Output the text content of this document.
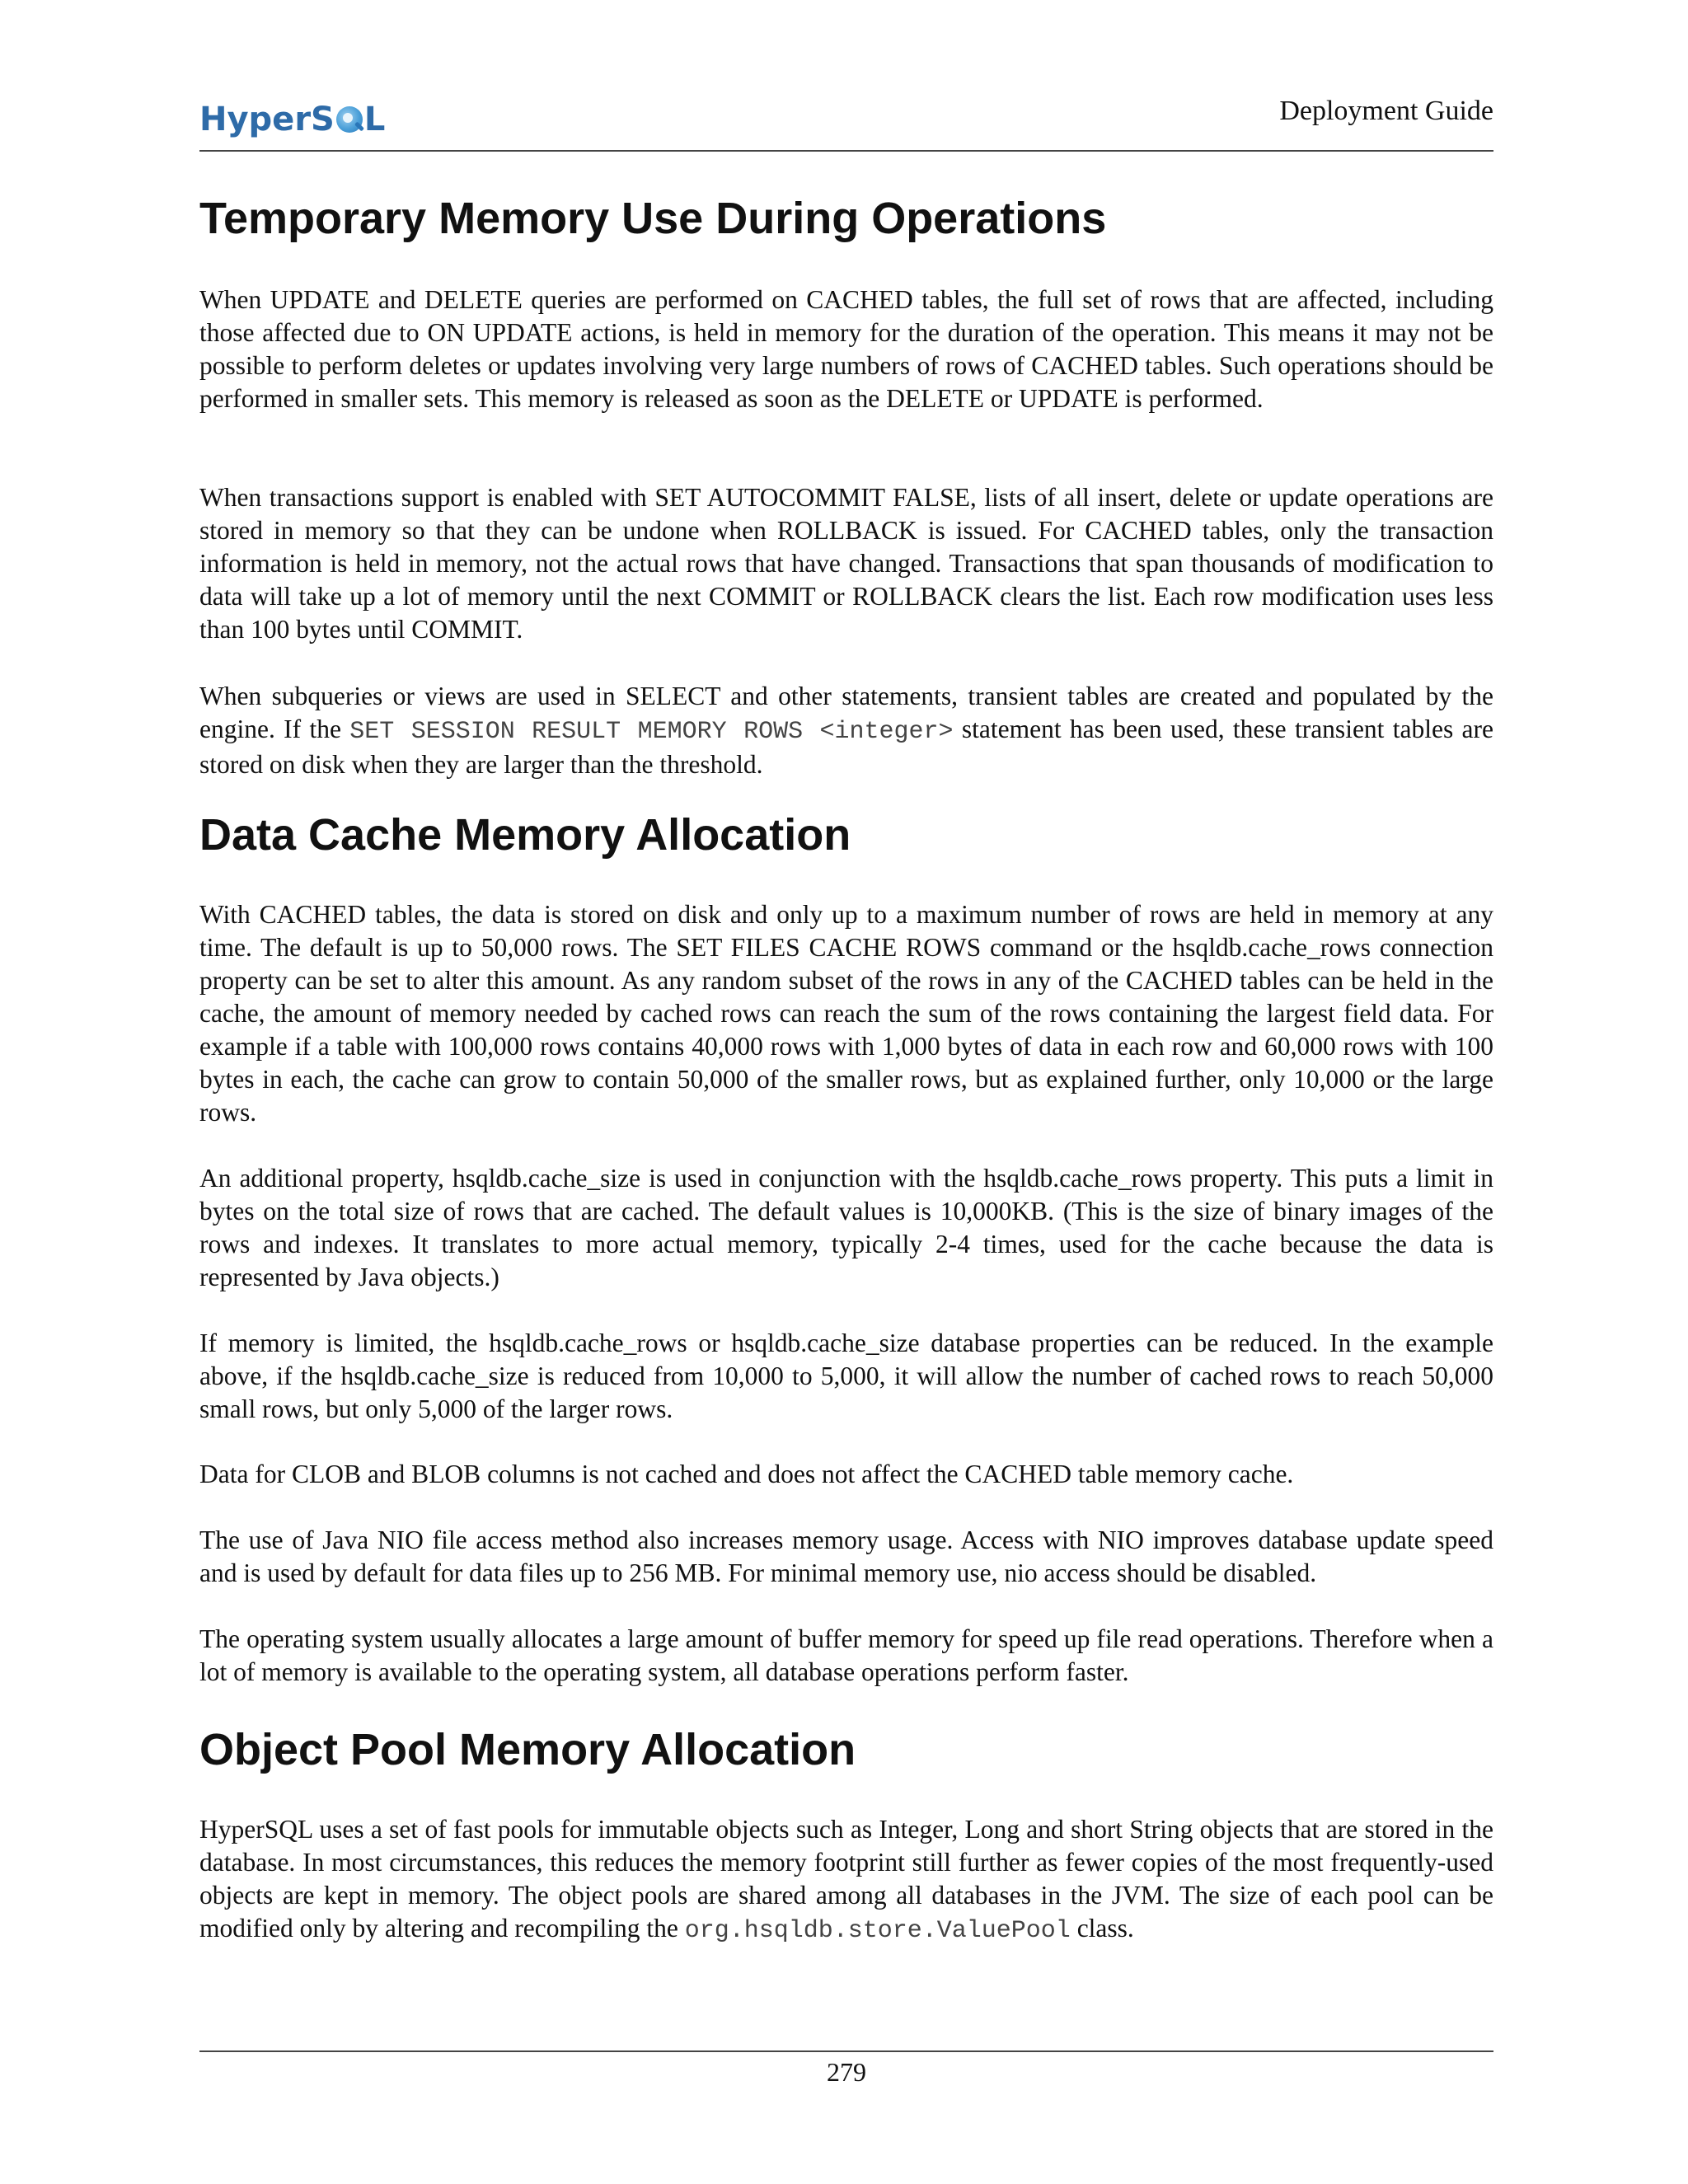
HyperS L	Deployment Guide
Temporary Memory Use During Operations

When UPDATE and DELETE queries are performed on CACHED tables, the full set of rows that are affected, including those affected due to ON UPDATE actions, is held in memory for the duration of the operation. This means it may not be possible to perform deletes or updates involving very large numbers of rows of CACHED tables. Such operations should be performed in smaller sets. This memory is released as soon as the DELETE or UPDATE is performed.

When transactions support is enabled with SET AUTOCOMMIT FALSE, lists of all insert, delete or update operations are stored in memory so that they can be undone when ROLLBACK is issued. For CACHED tables, only the transaction information is held in memory, not the actual rows that have changed. Transactions that span thousands of modification to data will take up a lot of memory until the next COMMIT or ROLLBACK clears the list. Each row modification uses less than 100 bytes until COMMIT.

When subqueries or views are used in SELECT and other statements, transient tables are created and populated by the engine. If the SET SESSION RESULT MEMORY ROWS <integer> statement has been used, these transient tables are stored on disk when they are larger than the threshold.

Data Cache Memory Allocation

With CACHED tables, the data is stored on disk and only up to a maximum number of rows are held in memory at any time. The default is up to 50,000 rows. The SET FILES CACHE ROWS command or the hsqldb.cache_rows connection property can be set to alter this amount. As any random subset of the rows in any of the CACHED tables can be held in the cache, the amount of memory needed by cached rows can reach the sum of the rows containing the largest field data. For example if a table with 100,000 rows contains 40,000 rows with 1,000 bytes of data in each row and 60,000 rows with 100 bytes in each, the cache can grow to contain 50,000 of the smaller rows, but as explained further, only 10,000 or the large rows.

An additional property, hsqldb.cache_size is used in conjunction with the hsqldb.cache_rows property. This puts a limit in bytes on the total size of rows that are cached. The default values is 10,000KB. (This is the size of binary images of the rows and indexes. It translates to more actual memory, typically 2-4 times, used for the cache because the data is represented by Java objects.)

If memory is limited, the hsqldb.cache_rows or hsqldb.cache_size database properties can be reduced. In the example above, if the hsqldb.cache_size is reduced from 10,000 to 5,000, it will allow the number of cached rows to reach 50,000 small rows, but only 5,000 of the larger rows.

Data for CLOB and BLOB columns is not cached and does not affect the CACHED table memory cache.

The use of Java NIO file access method also increases memory usage. Access with NIO improves database update speed and is used by default for data files up to 256 MB. For minimal memory use, nio access should be disabled.

The operating system usually allocates a large amount of buffer memory for speed up file read operations. Therefore when a lot of memory is available to the operating system, all database operations perform faster.

Object Pool Memory Allocation

HyperSQL uses a set of fast pools for immutable objects such as Integer, Long and short String objects that are stored in the database. In most circumstances, this reduces the memory footprint still further as fewer copies of the most frequently-used objects are kept in memory. The object pools are shared among all databases in the JVM. The size of each pool can be modified only by altering and recompiling the org.hsqldb.store.ValuePool class.

279
